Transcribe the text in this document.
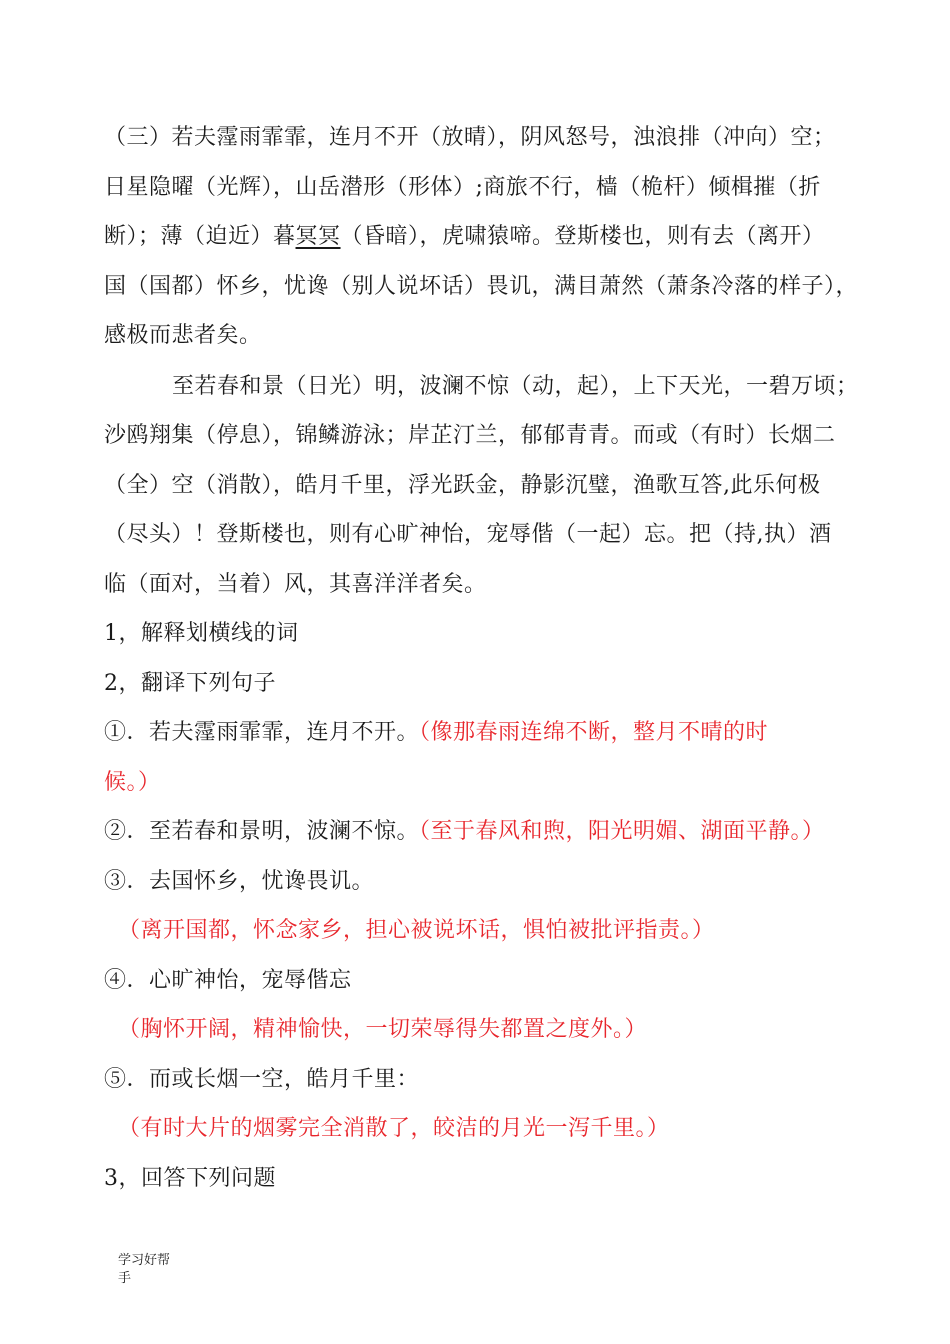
（三）若夫霪雨霏霏，连月不开（放晴），阴风怒号，浊浪排（冲向）空；
日星隐曜（光辉），山岳潜形（形体）;商旅不行，樯（桅杆）倾楫摧（折
断）；薄（迫近）暮冥冥（昏暗），虎啸猿啼。登斯楼也，则有去（离开）
国（国都）怀乡，忧谗（别人说坏话）畏讥，满目萧然（萧条冷落的样子），
感极而悲者矣。
至若春和景（日光）明，波澜不惊（动，起），上下天光，一碧万顷；
沙鸥翔集（停息），锦鳞游泳；岸芷汀兰，郁郁青青。而或（有时）长烟二
（全）空（消散），皓月千里，浮光跃金，静影沉璧，渔歌互答,此乐何极
（尽头）！登斯楼也，则有心旷神怡，宠辱偕（一起）忘。把（持,执）酒
临（面对，当着）风，其喜洋洋者矣。
1，解释划横线的词
2，翻译下列句子
①．若夫霪雨霏霏，连月不开。（像那春雨连绵不断，整月不晴的时
候。）
②．至若春和景明，波澜不惊。（至于春风和煦，阳光明媚、湖面平静。）
③．去国怀乡，忧谗畏讥。
（离开国都，怀念家乡，担心被说坏话，惧怕被批评指责。）
④．心旷神怡，宠辱偕忘
（胸怀开阔，精神愉快，一切荣辱得失都置之度外。）
⑤．而或长烟一空，皓月千里：
（有时大片的烟雾完全消散了，皎洁的月光一泻千里。）
3，回答下列问题
学习好帮
手
